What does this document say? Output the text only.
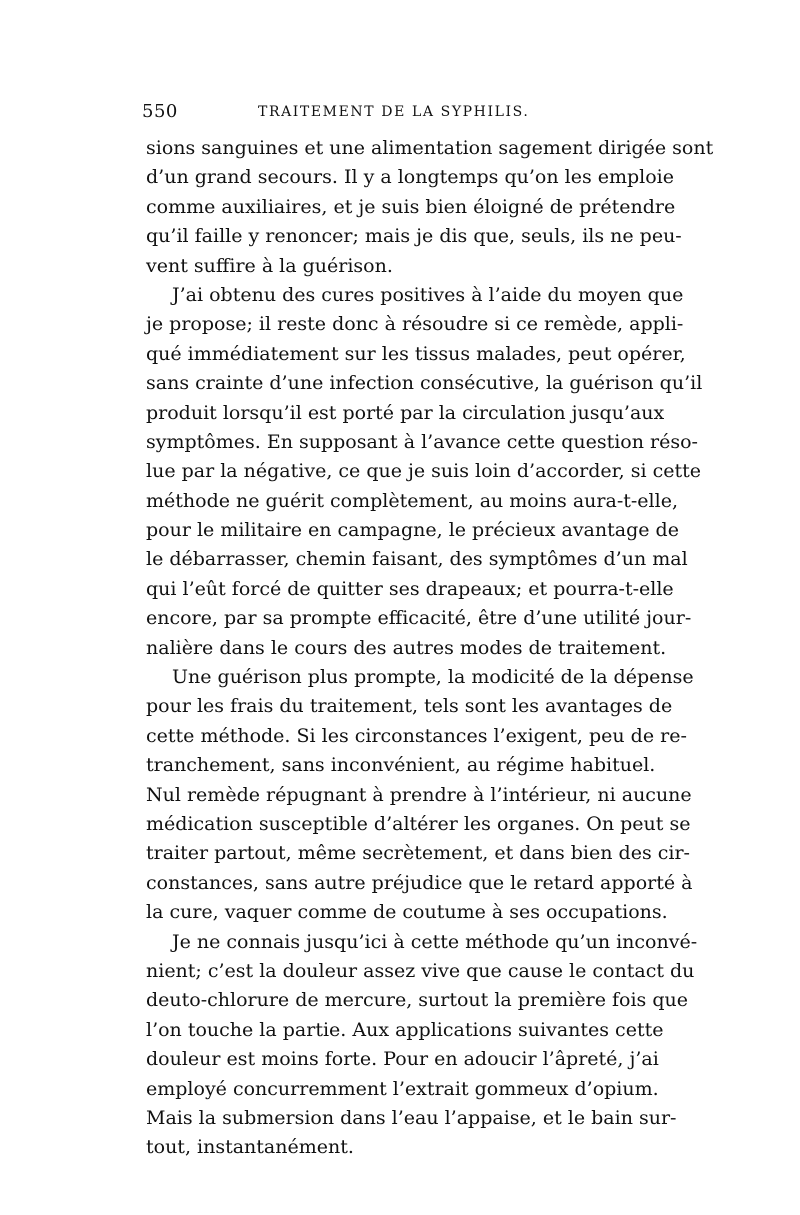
550	TRAITEMENT DE LA SYPHILIS.
sions sanguines et une alimentation sagement dirigée sont
d’un grand secours. Il y a longtemps qu’on les emploie
comme auxiliaires, et je suis bien éloigné de prétendre
qu’il faille y renoncer; mais je dis que, seuls, ils ne peu-
vent suffire à la guérison.
J’ai obtenu des cures positives à l’aide du moyen que
je propose; il reste donc à résoudre si ce remède, appli-
qué immédiatement sur les tissus malades, peut opérer,
sans crainte d’une infection consécutive, la guérison qu’il
produit lorsqu’il est porté par la circulation jusqu’aux
symptômes. En supposant à l’avance cette question réso-
lue par la négative, ce que je suis loin d’accorder, si cette
méthode ne guérit complètement, au moins aura-t-elle,
pour le militaire en campagne, le précieux avantage de
le débarrasser, chemin faisant, des symptômes d’un mal
qui l’eût forcé de quitter ses drapeaux; et pourra-t-elle
encore, par sa prompte efficacité, être d’une utilité jour-
nalière dans le cours des autres modes de traitement.
Une guérison plus prompte, la modicité de la dépense
pour les frais du traitement, tels sont les avantages de
cette méthode. Si les circonstances l’exigent, peu de re-
tranchement, sans inconvénient, au régime habituel.
Nul remède répugnant à prendre à l’intérieur, ni aucune
médication susceptible d’altérer les organes. On peut se
traiter partout, même secrètement, et dans bien des cir-
constances, sans autre préjudice que le retard apporté à
la cure, vaquer comme de coutume à ses occupations.
Je ne connais jusqu’ici à cette méthode qu’un inconvé-
nient; c’est la douleur assez vive que cause le contact du
deuto-chlorure de mercure, surtout la première fois que
l’on touche la partie. Aux applications suivantes cette
douleur est moins forte. Pour en adoucir l’âpreté, j’ai
employé concurremment l’extrait gommeux d’opium.
Mais la submersion dans l’eau l’appaise, et le bain sur-
tout, instantanément.
